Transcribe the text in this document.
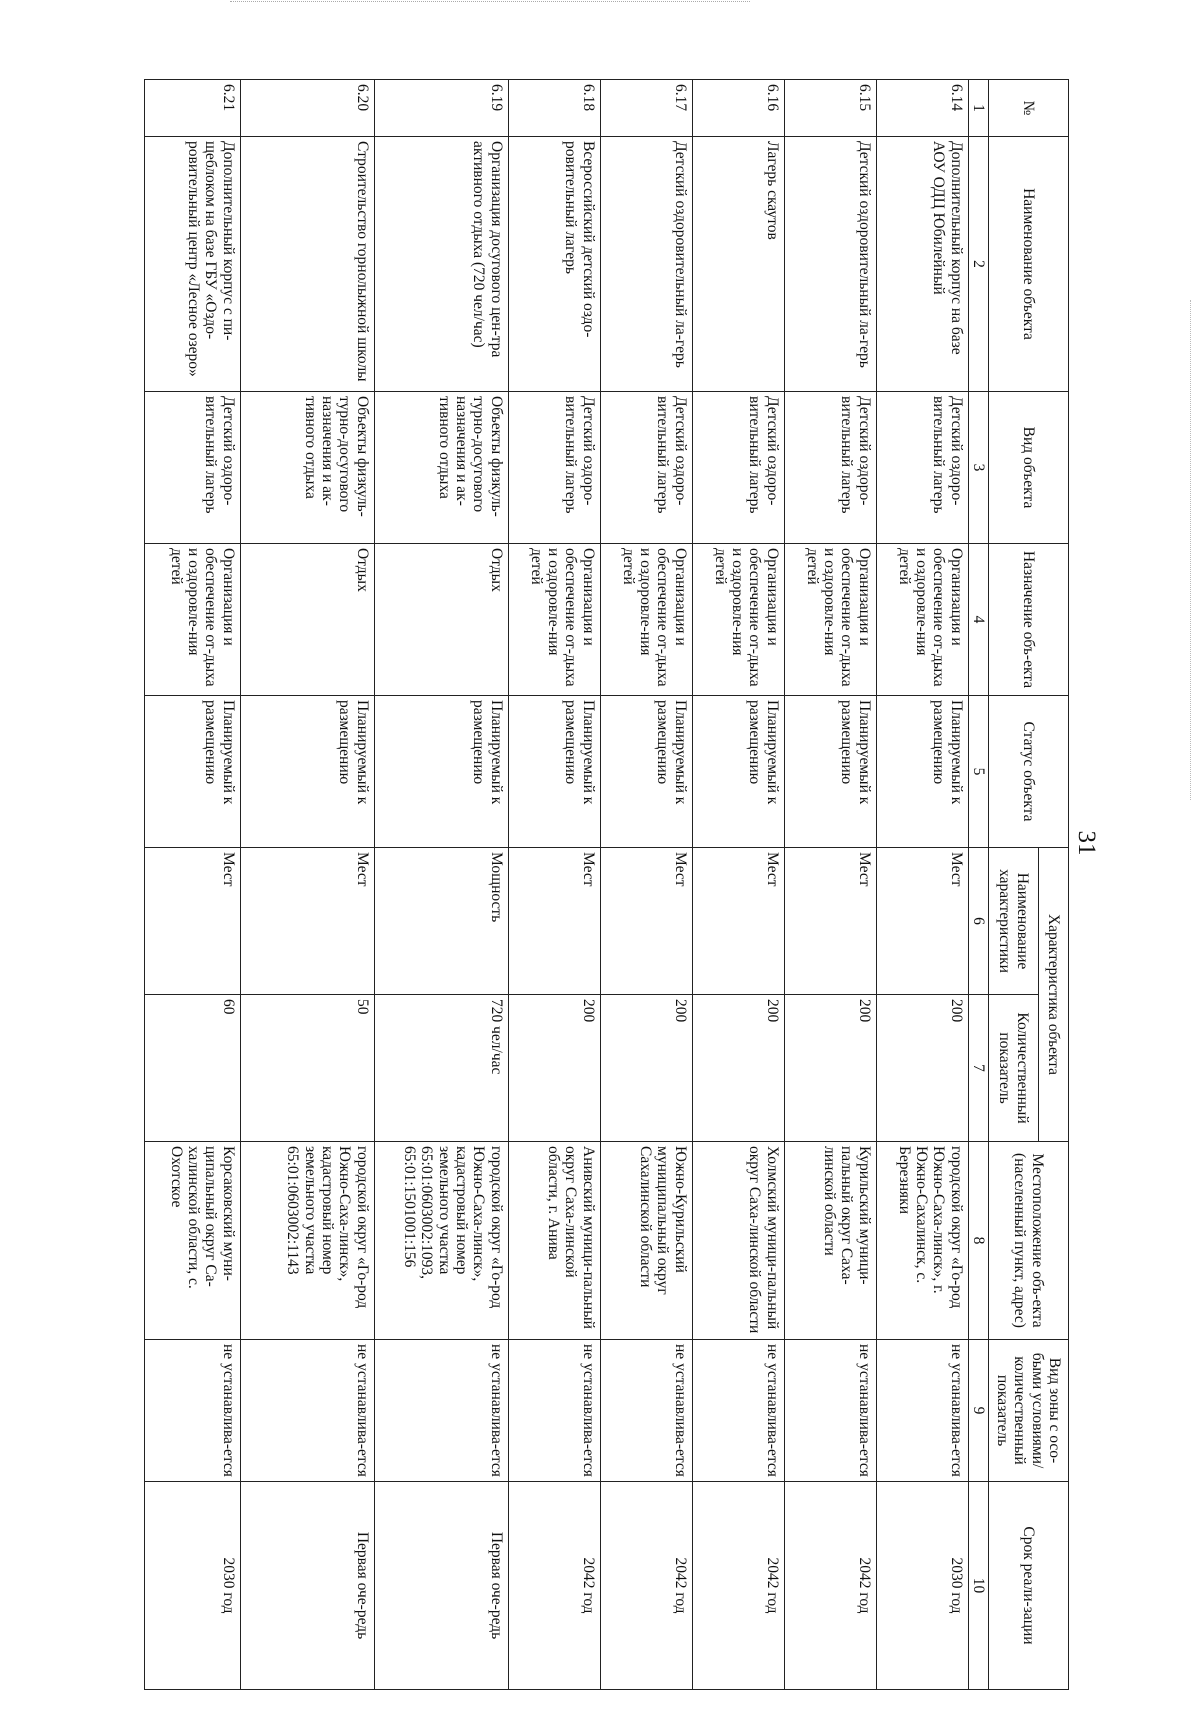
31
№	Наименование объекта	Вид объекта	Назначение объ-екта	Статус объекта	Характеристика объекта		Местоположение объ-екта (населенный пункт, адрес)	Вид зоны с осо-быми условиями/ количественный показатель	Срок реали-зации
					Наименование характеристики	Количественный показатель			
1	2	3	4	5	6	7	8	9	10
6.14	Дополнительный корпус на базе АОУ ОДЦ Юбилейный	Детский оздоро-вительный лагерь	Организация и обеспечение от-дыха и оздоровле-ния детей	Планируемый к размещению	Мест	200	городской округ «Го-род Южно-Саха-линск», г. Южно-Сахалинск, с. Березняки	не устанавлива-ется	2030 год
6.15	Детский оздоровительный ла-герь	Детский оздоро-вительный лагерь	Организация и обеспечение от-дыха и оздоровле-ния детей	Планируемый к размещению	Мест	200	Курильский муници-пальный округ Саха-линской области	не устанавлива-ется	2042 год
6.16	Лагерь скаутов	Детский оздоро-вительный лагерь	Организация и обеспечение от-дыха и оздоровле-ния детей	Планируемый к размещению	Мест	200	Холмский муници-пальный округ Саха-линской области	не устанавлива-ется	2042 год
6.17	Детский оздоровительный ла-герь	Детский оздоро-вительный лагерь	Организация и обеспечение от-дыха и оздоровле-ния детей	Планируемый к размещению	Мест	200	Южно-Курильский муниципальный округ Сахалинской области	не устанавлива-ется	2042 год
6.18	Всероссийский детский оздо-ровительный лагерь	Детский оздоро-вительный лагерь	Организация и обеспечение от-дыха и оздоровле-ния детей	Планируемый к размещению	Мест	200	Анивский муници-пальный округ Саха-линской области, г. Анива	не устанавлива-ется	2042 год
6.19	Организация досугового цен-тра активного отдыха (720 чел/час)	Объекты физкуль-турно-досугового назначения и ак-тивного отдыха	Отдых	Планируемый к размещению	Мощность	720 чел/час	городской округ «Го-род Южно-Саха-линск», кадастровый номер земельного участка 65:01:0603002:1093, 65:01:1501001:156	не устанавлива-ется	Первая оче-редь
6.20	Строительство горнолыжной школы	Объекты физкуль-турно-досугового назначения и ак-тивного отдыха	Отдых	Планируемый к размещению	Мест	50	городской округ «Го-род Южно-Саха-линск», кадастровый номер земельного участка 65:01:0603002:1143	не устанавлива-ется	Первая оче-редь
6.21	Дополнительный корпус с пи-щеблоком на базе ГБУ «Оздо-ровительный центр «Лесное озеро»	Детский оздоро-вительный лагерь	Организация и обеспечение от-дыха и оздоровле-ния детей	Планируемый к размещению	Мест	60	Корсаковский муни-ципальный округ Са-халинской области, с. Охотское	не устанавлива-ется	2030 год
